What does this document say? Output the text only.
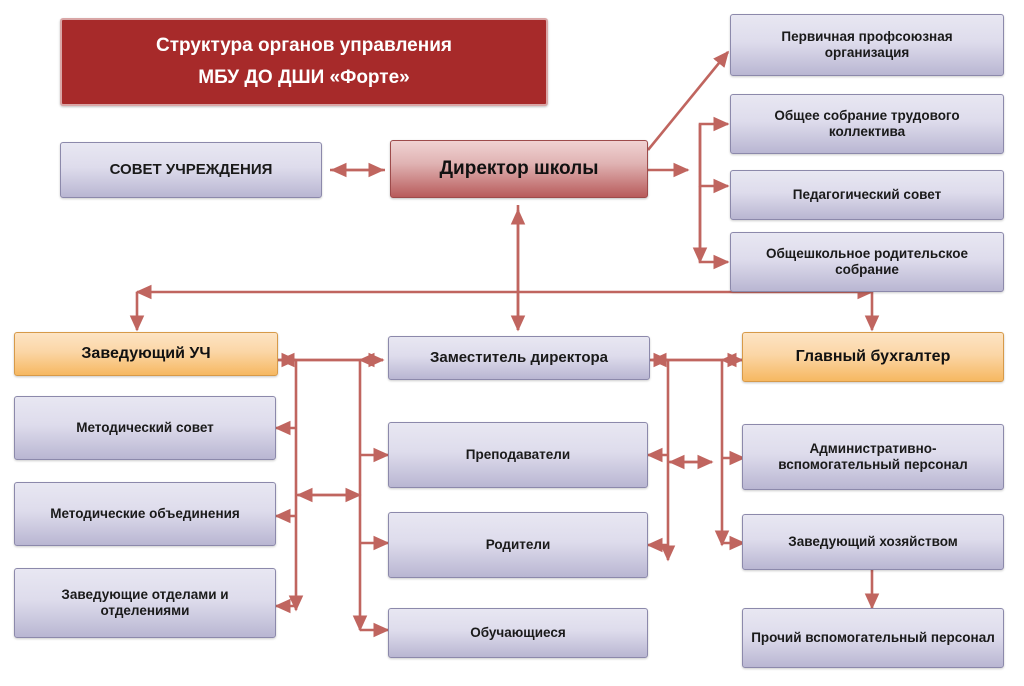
Структура органов управления
МБУ ДО ДШИ «Форте»
СОВЕТ УЧРЕЖДЕНИЯ	Директор школы
Первичная профсоюзная организация
Общее собрание трудового коллектива
Педагогический совет
Общешкольное родительское собрание
Заведующий УЧ	Заместитель директора	Главный бухгалтер
Методический совет
Методические объединения
Заведующие отделами и отделениями
Преподаватели
Родители
Обучающиеся
Административно-вспомогательный персонал
Заведующий хозяйством
Прочий вспомогательный персонал
